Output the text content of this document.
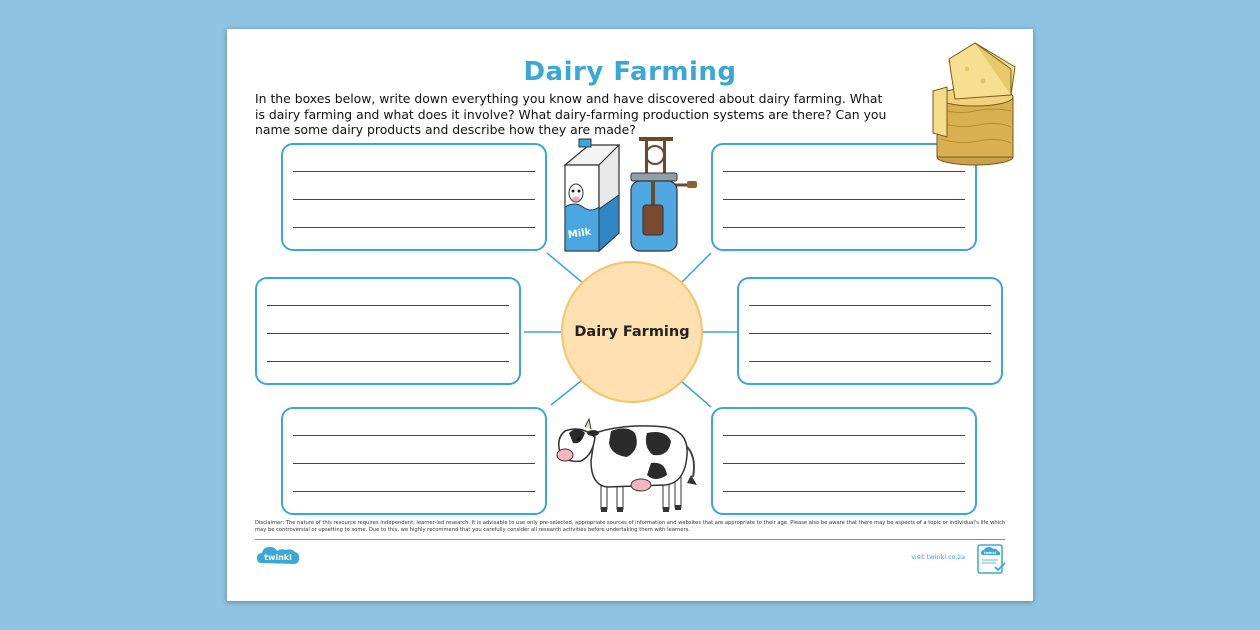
Dairy Farming
In the boxes below, write down everything you know and have discovered about dairy farming. What is dairy farming and what does it involve? What dairy-farming production systems are there? Can you name some dairy products and describe how they are made?
Dairy Farming
Milk
Disclaimer: The nature of this resource requires independent, learner-led research. It is advisable to use only pre-selected, appropriate sources of information and websites that are appropriate to their age. Please also be aware that there may be aspects of a topic or individual's life which may be controversial or upsetting to some. Due to this, we highly recommend that you carefully consider all research activities before undertaking them with learners.
twinkl	visit twinkl.co.za	twinkl
